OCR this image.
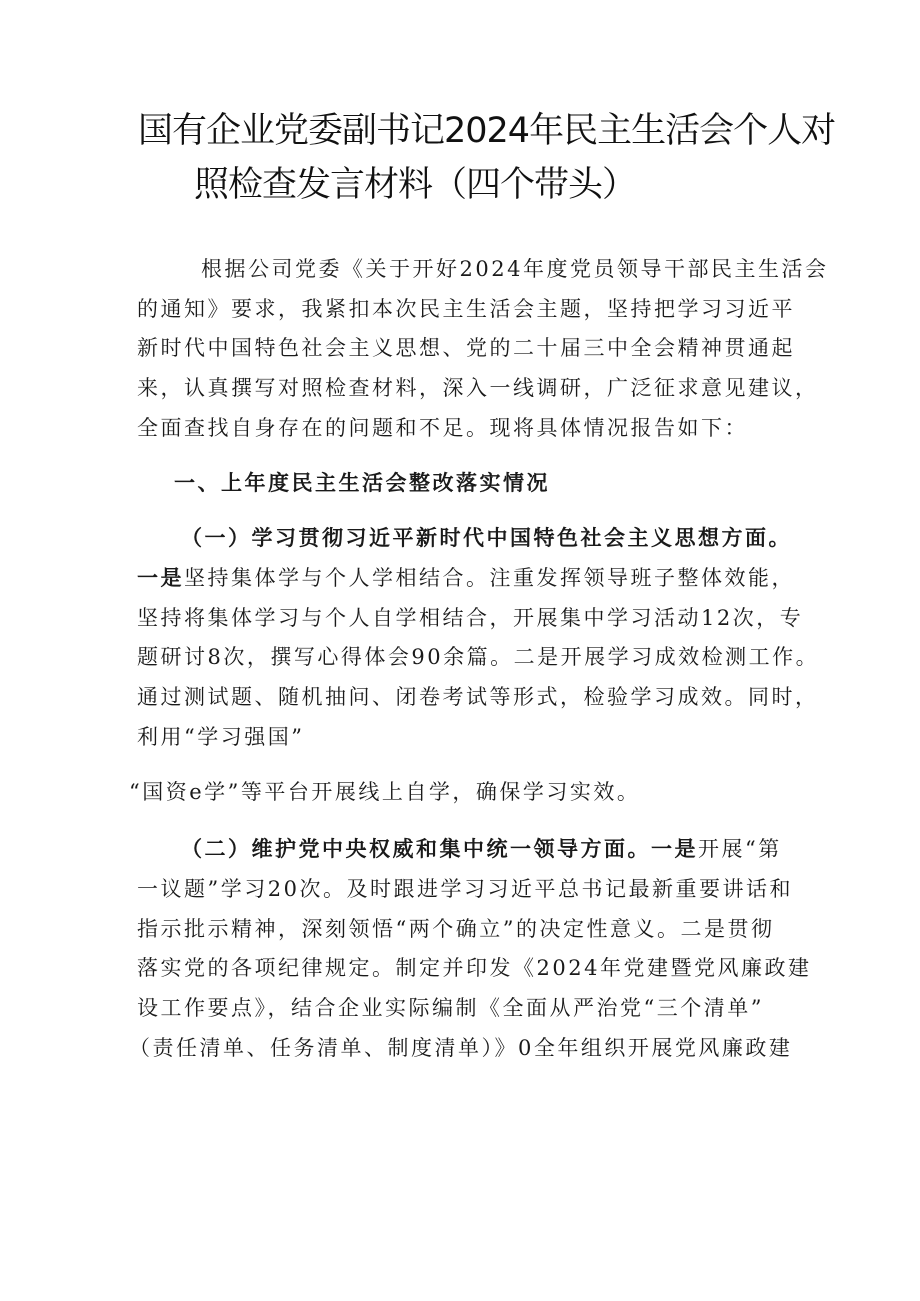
国有企业党委副书记2024年民主生活会个人对
照检查发言材料（四个带头）

根据公司党委《关于开好2024年度党员领导干部民主生活会
的通知》要求，我紧扣本次民主生活会主题，坚持把学习习近平
新时代中国特色社会主义思想、党的二十届三中全会精神贯通起
来，认真撰写对照检查材料，深入一线调研，广泛征求意见建议，
全面查找自身存在的问题和不足。现将具体情况报告如下：

一、上年度民主生活会整改落实情况

（一）学习贯彻习近平新时代中国特色社会主义思想方面。
一是坚持集体学与个人学相结合。注重发挥领导班子整体效能，
坚持将集体学习与个人自学相结合，开展集中学习活动12次，专
题研讨8次，撰写心得体会90余篇。二是开展学习成效检测工作。
通过测试题、随机抽问、闭卷考试等形式，检验学习成效。同时，
利用“学习强国”
“国资e学”等平台开展线上自学，确保学习实效。

（二）维护党中央权威和集中统一领导方面。一是开展“第
一议题”学习20次。及时跟进学习习近平总书记最新重要讲话和
指示批示精神，深刻领悟“两个确立”的决定性意义。二是贯彻
落实党的各项纪律规定。制定并印发《2024年党建暨党风廉政建
设工作要点》，结合企业实际编制《全面从严治党“三个清单”
（责任清单、任务清单、制度清单）》0全年组织开展党风廉政建
